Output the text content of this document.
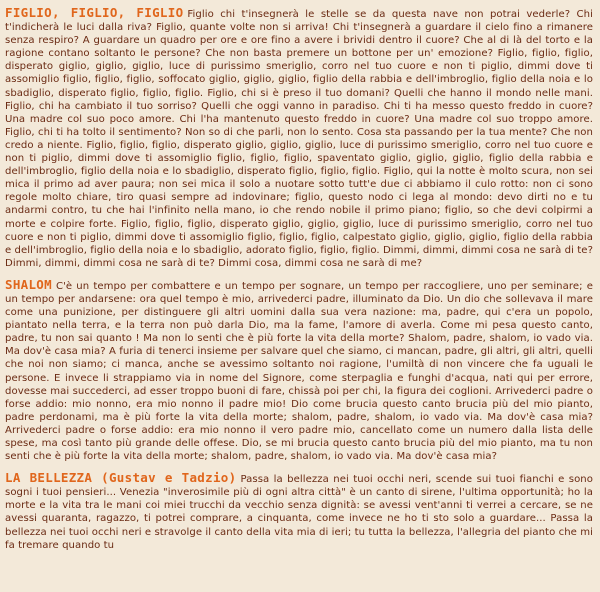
FIGLIO, FIGLIO, FIGLIO Figlio chi t'insegnerà le stelle se da questa nave non potrai vederle? Chi t'indicherà le luci dalla riva? Figlio, quante volte non si arriva! Chi t'insegnerà a guardare il cielo fino a rimanere senza respiro? A guardare un quadro per ore e ore fino a avere i brividi dentro il cuore? Che al di là del torto e la ragione contano soltanto le persone? Che non basta premere un bottone per un' emozione? Figlio, figlio, figlio, disperato giglio, giglio, giglio, luce di purissimo smeriglio, corro nel tuo cuore e non ti piglio, dimmi dove ti assomiglio figlio, figlio, figlio, soffocato giglio, giglio, giglio, figlio della rabbia e dell'imbroglio, figlio della noia e lo sbadiglio, disperato figlio, figlio, figlio. Figlio, chi si è preso il tuo domani? Quelli che hanno il mondo nelle mani. Figlio, chi ha cambiato il tuo sorriso? Quelli che oggi vanno in paradiso. Chi ti ha messo questo freddo in cuore? Una madre col suo poco amore. Chi l'ha mantenuto questo freddo in cuore? Una madre col suo troppo amore. Figlio, chi ti ha tolto il sentimento? Non so di che parli, non lo sento. Cosa sta passando per la tua mente? Che non credo a niente. Figlio, figlio, figlio, disperato giglio, giglio, giglio, luce di purissimo smeriglio, corro nel tuo cuore e non ti piglio, dimmi dove ti assomiglio figlio, figlio, figlio, spaventato giglio, giglio, giglio, figlio della rabbia e dell'imbroglio, figlio della noia e lo sbadiglio, disperato figlio, figlio, figlio. Figlio, qui la notte è molto scura, non sei mica il primo ad aver paura; non sei mica il solo a nuotare sotto tutt'e due ci abbiamo il culo rotto: non ci sono regole molto chiare, tiro quasi sempre ad indovinare; figlio, questo nodo ci lega al mondo: devo dirti no e tu andarmi contro, tu che hai l'infinito nella mano, io che rendo nobile il primo piano; figlio, so che devi colpirmi a morte e colpire forte. Figlio, figlio, figlio, disperato giglio, giglio, giglio, luce di purissimo smeriglio, corro nel tuo cuore e non ti piglio, dimmi dove ti assomiglio figlio, figlio, figlio, calpestato giglio, giglio, giglio, figlio della rabbia e dell'imbroglio, figlio della noia e lo sbadiglio, adorato figlio, figlio, figlio. Dimmi, dimmi, dimmi cosa ne sarà di te? Dimmi, dimmi, dimmi cosa ne sarà di te? Dimmi cosa, dimmi cosa ne sarà di me?

SHALOM C'è un tempo per combattere e un tempo per sognare, un tempo per raccogliere, uno per seminare; e un tempo per andarsene: ora quel tempo è mio, arrivederci padre, illuminato da Dio. Un dio che sollevava il mare come una punizione, per distinguere gli altri uomini dalla sua vera nazione: ma, padre, qui c'era un popolo, piantato nella terra, e la terra non può darla Dio, ma la fame, l'amore di averla. Come mi pesa questo canto, padre, tu non sai quanto ! Ma non lo senti che è più forte la vita della morte? Shalom, padre, shalom, io vado via. Ma dov'è casa mia? A furia di tenerci insieme per salvare quel che siamo, ci mancan, padre, gli altri, gli altri, quelli che noi non siamo; ci manca, anche se avessimo soltanto noi ragione, l'umiltà di non vincere che fa uguali le persone. E invece li strappiamo via in nome del Signore, come sterpaglia e funghi d'acqua, nati qui per errore, dovesse mai succederci, ad esser troppo buoni di fare, chissà poi per chi, la figura dei coglioni. Arrivederci padre o forse addio: mio nonno, era mio nonno il padre mio! Dio come brucia questo canto brucia più del mio pianto, padre perdonami, ma è più forte la vita della morte; shalom, padre, shalom, io vado via. Ma dov'è casa mia? Arrivederci padre o forse addio: era mio nonno il vero padre mio, cancellato come un numero dalla lista delle spese, ma così tanto più grande delle offese. Dio, se mi brucia questo canto brucia più del mio pianto, ma tu non senti che è più forte la vita della morte; shalom, padre, shalom, io vado via. Ma dov'è casa mia?

LA BELLEZZA (Gustav e Tadzio) Passa la bellezza nei tuoi occhi neri, scende sui tuoi fianchi e sono sogni i tuoi pensieri... Venezia "inverosimile più di ogni altra città" è un canto di sirene, l'ultima opportunità; ho la morte e la vita tra le mani coi miei trucchi da vecchio senza dignità: se avessi vent'anni ti verrei a cercare, se ne avessi quaranta, ragazzo, ti potrei comprare, a cinquanta, come invece ne ho ti sto solo a guardare... Passa la bellezza nei tuoi occhi neri e stravolge il canto della vita mia di ieri; tu tutta la bellezza, l'allegria del pianto che mi fa tremare quando tu
